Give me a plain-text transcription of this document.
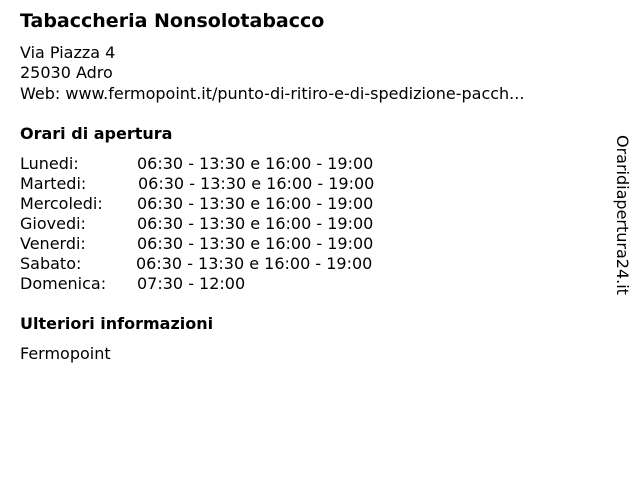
Tabaccheria Nonsolotabacco
Via Piazza 4
25030 Adro
Web: www.fermopoint.it/punto-di-ritiro-e-di-spedizione-pacch...
Orari di apertura
Lunedi:	06:30 - 13:30 e 16:00 - 19:00
Martedi:	06:30 - 13:30 e 16:00 - 19:00
Mercoledi:	06:30 - 13:30 e 16:00 - 19:00
Giovedi:	06:30 - 13:30 e 16:00 - 19:00
Venerdi:	06:30 - 13:30 e 16:00 - 19:00
Sabato:	06:30 - 13:30 e 16:00 - 19:00
Domenica:	07:30 - 12:00
Ulteriori informazioni
Fermopoint
Oraridiapertura24.it
